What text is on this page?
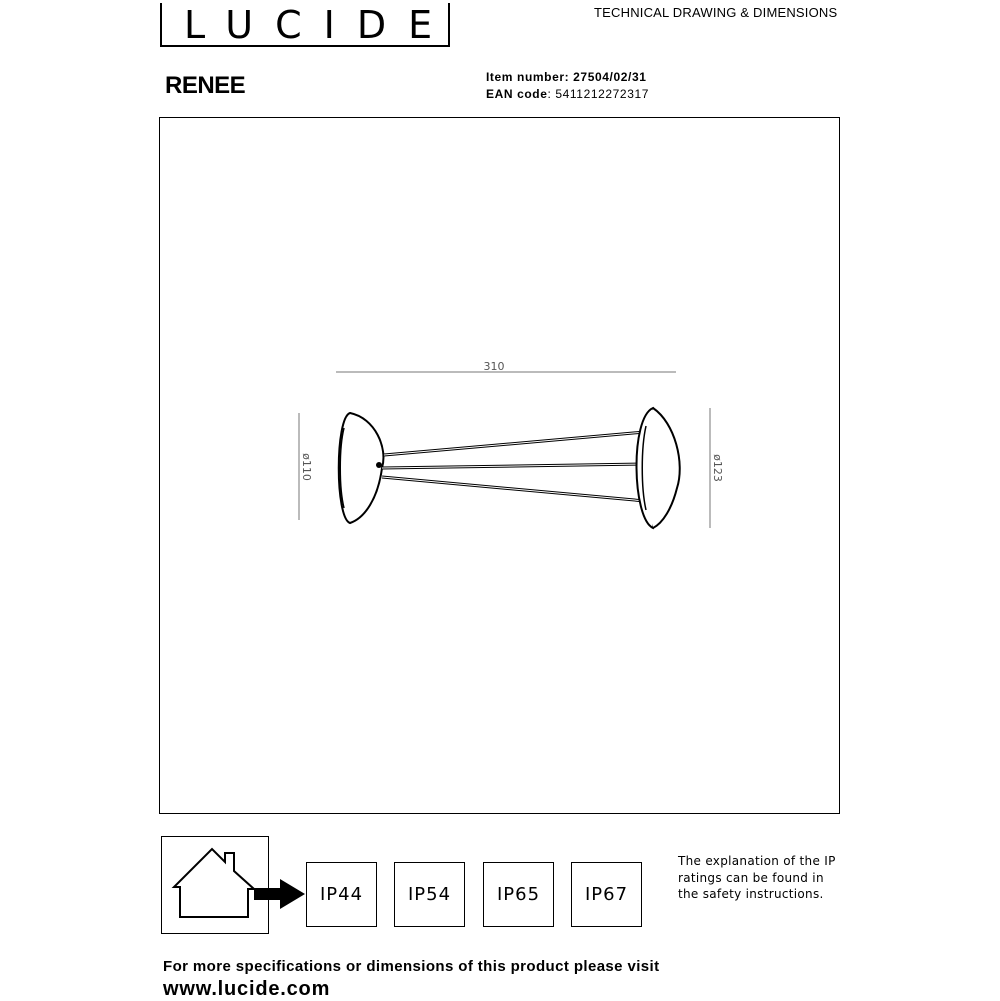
LUCIDE	TECHNICAL DRAWING & DIMENSIONS
RENEE	Item number: 27504/02/31
EAN code: 5411212272317
310
ø110	ø123
IP44	IP54	IP65	IP67
The explanation of the IP ratings can be found in the safety instructions.
For more specifications or dimensions of this product please visit
www.lucide.com
